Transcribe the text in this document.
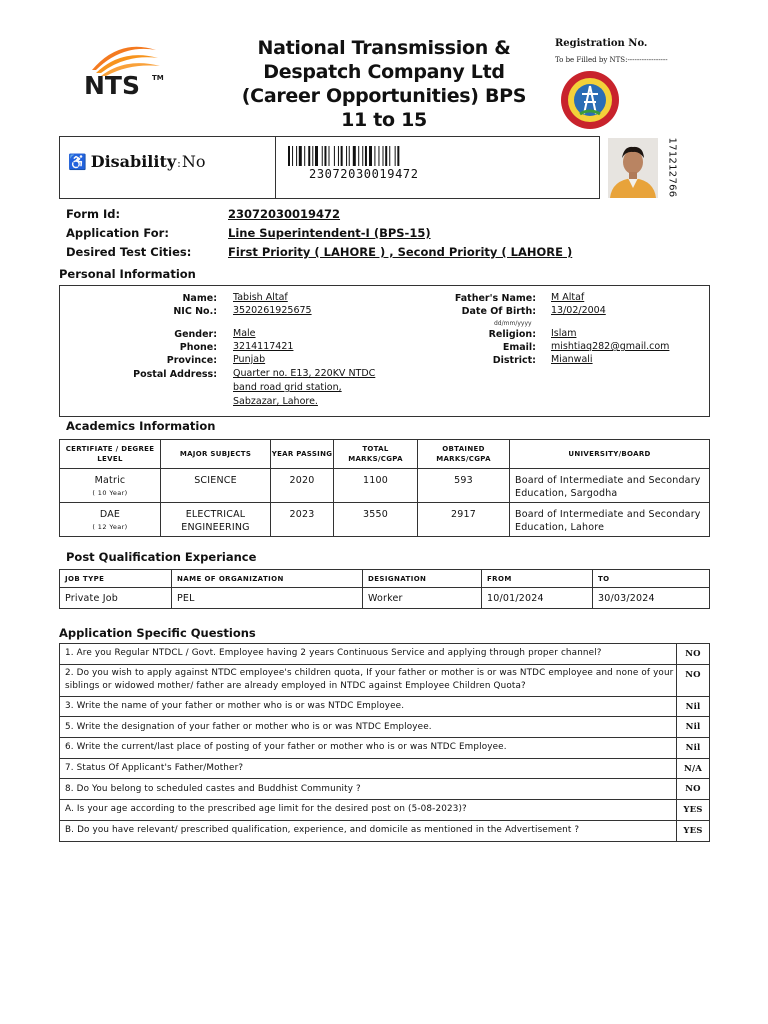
NTS TM
National Transmission & Despatch Company Ltd (Career Opportunities) BPS 11 to 15
Registration No.
To be Filled by NTS:-----------------
♿ Disability : No
23072030019472	171212766
Form Id:	23072030019472
Application For:	Line Superintendent-I (BPS-15)
Desired Test Cities:	First Priority ( LAHORE ) , Second Priority ( LAHORE )
Personal Information
Name: Tabish Altaf
NIC No.: 3520261925675
Gender: Male
Phone: 3214117421
Province: Punjab
Postal Address: Quarter no. E13, 220KV NTDC
band road grid station,
Sabzazar, Lahore.
Father's Name: M Altaf
Date Of Birth: 13/02/2004
dd/mm/yyyy
Religion: Islam
Email: mishtiaq282@gmail.com
District: Mianwali
Academics Information
CERTIFIATE / DEGREE LEVEL	MAJOR SUBJECTS	YEAR PASSING	TOTAL MARKS/CGPA	OBTAINED MARKS/CGPA	UNIVERSITY/BOARD
Matric
( 10 Year)	SCIENCE	2020	1100	593	Board of Intermediate and Secondary Education, Sargodha
DAE
( 12 Year)	ELECTRICAL ENGINEERING	2023	3550	2917	Board of Intermediate and Secondary Education, Lahore
Post Qualification Experiance
JOB TYPE	NAME OF ORGANIZATION	DESIGNATION	FROM	TO
Private Job	PEL	Worker	10/01/2024	30/03/2024
Application Specific Questions
1. Are you Regular NTDCL / Govt. Employee having 2 years Continuous Service and applying through proper channel?	NO
2. Do you wish to apply against NTDC employee's children quota, If your father or mother is or was NTDC employee and none of your siblings or widowed mother/ father are already employed in NTDC against Employee Children Quota?	NO
3. Write the name of your father or mother who is or was NTDC Employee.	Nil
5. Write the designation of your father or mother who is or was NTDC Employee.	Nil
6. Write the current/last place of posting of your father or mother who is or was NTDC Employee.	Nil
7. Status Of Applicant's Father/Mother?	N/A
8. Do You belong to scheduled castes and Buddhist Community ?	NO
A. Is your age according to the prescribed age limit for the desired post on (5-08-2023)?	YES
B. Do you have relevant/ prescribed qualification, experience, and domicile as mentioned in the Advertisement ?	YES
